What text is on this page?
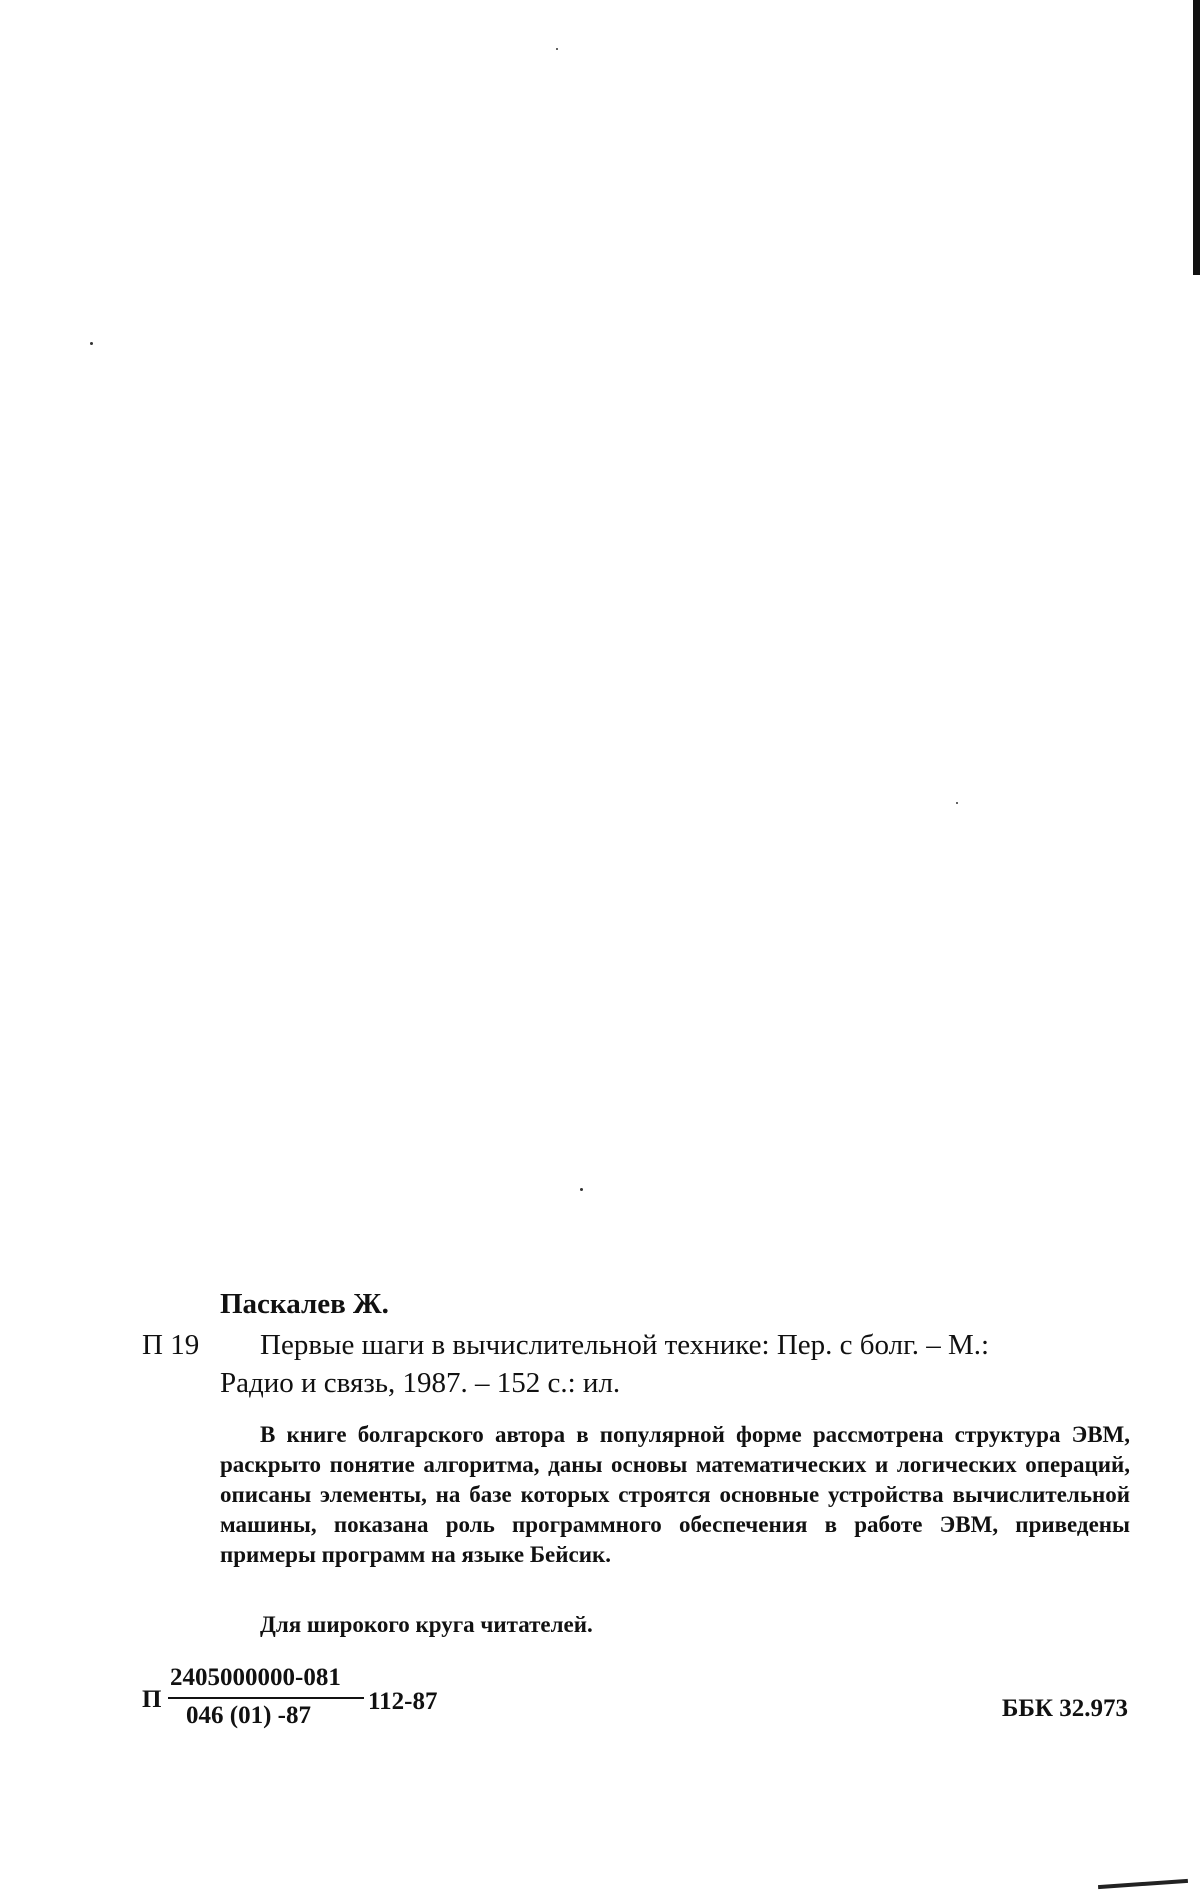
Паскалев Ж.
П 19 Первые шаги в вычислительной технике: Пер. с болг. – М.:
Радио и связь, 1987. – 152 с.: ил.
В книге болгарского автора в популярной форме рассмотрена структура ЭВМ, раскрыто понятие алгоритма, даны основы математических и логических операций, описаны элементы, на базе которых строятся основные устройства вычислительной машины, показана роль программного обеспечения в работе ЭВМ, приведены примеры программ на языке Бейсик.
Для широкого круга читателей.
П
2405000000-081
046 (01) -87
112-87	ББК 32.973
